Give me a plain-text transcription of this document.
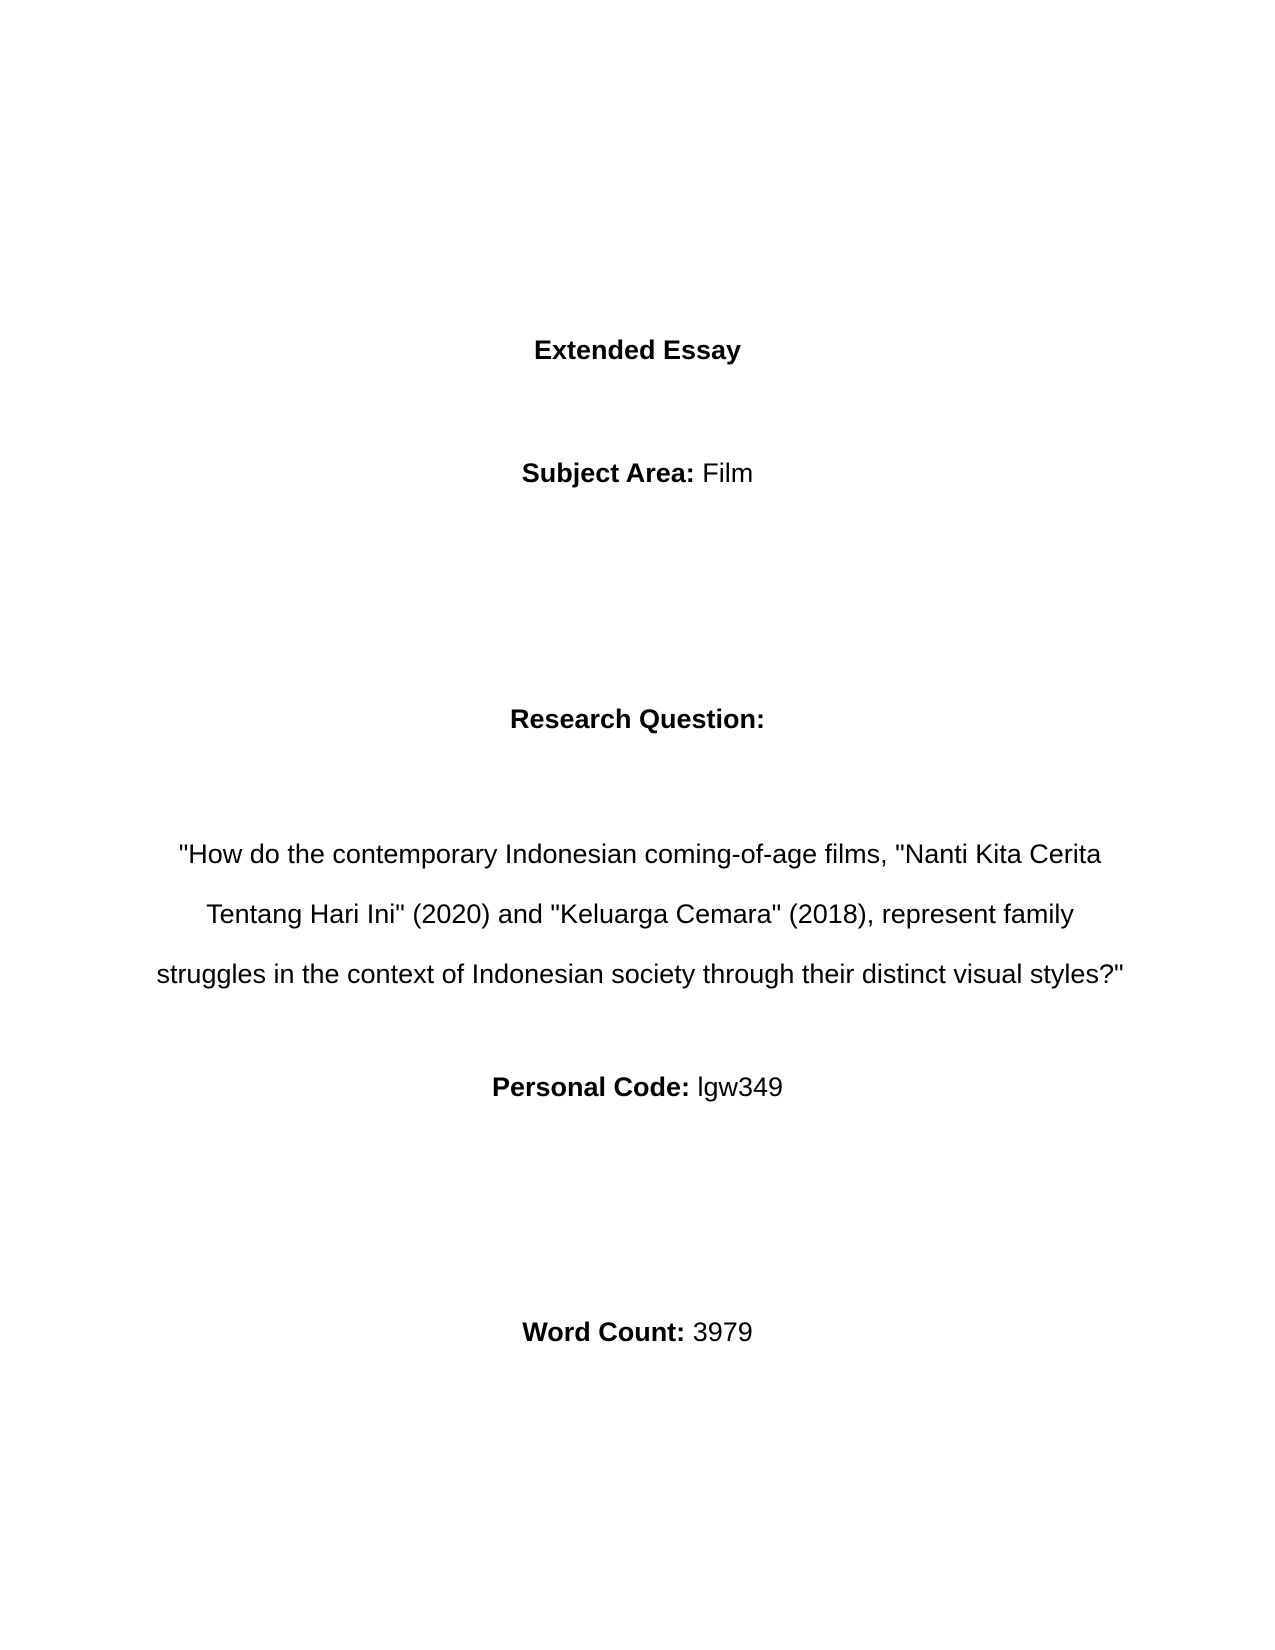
Extended Essay
Subject Area: Film
Research Question:
"How do the contemporary Indonesian coming-of-age films, "Nanti Kita Cerita
Tentang Hari Ini" (2020) and "Keluarga Cemara" (2018), represent family
struggles in the context of Indonesian society through their distinct visual styles?"
Personal Code: lgw349
Word Count: 3979
